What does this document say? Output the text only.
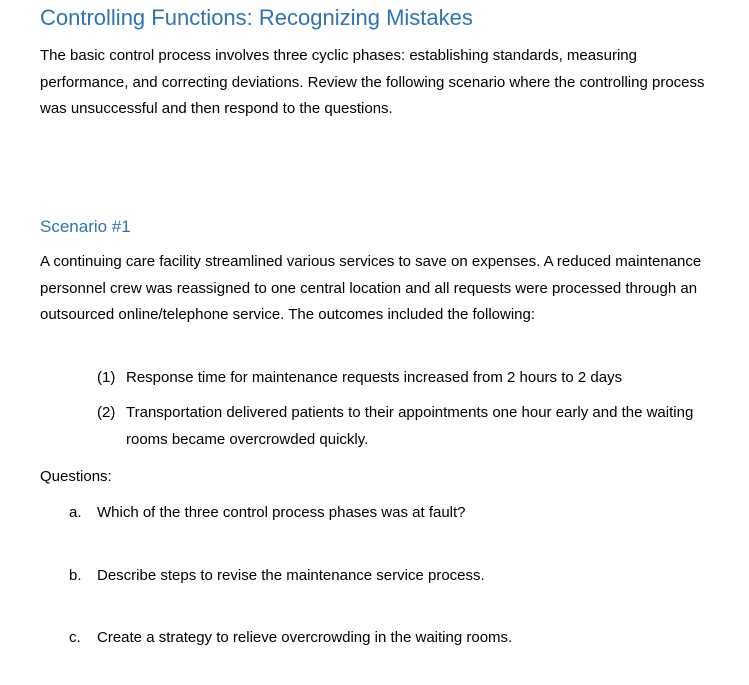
Controlling Functions: Recognizing Mistakes

The basic control process involves three cyclic phases: establishing standards, measuring performance, and correcting deviations. Review the following scenario where the controlling process was unsuccessful and then respond to the questions.

Scenario #1

A continuing care facility streamlined various services to save on expenses. A reduced maintenance personnel crew was reassigned to one central location and all requests were processed through an outsourced online/telephone service. The outcomes included the following:

(1) Response time for maintenance requests increased from 2 hours to 2 days
(2) Transportation delivered patients to their appointments one hour early and the waiting rooms became overcrowded quickly.
Questions:
a.	Which of the three control process phases was at fault?
b.	Describe steps to revise the maintenance service process.
c.	Create a strategy to relieve overcrowding in the waiting rooms.
